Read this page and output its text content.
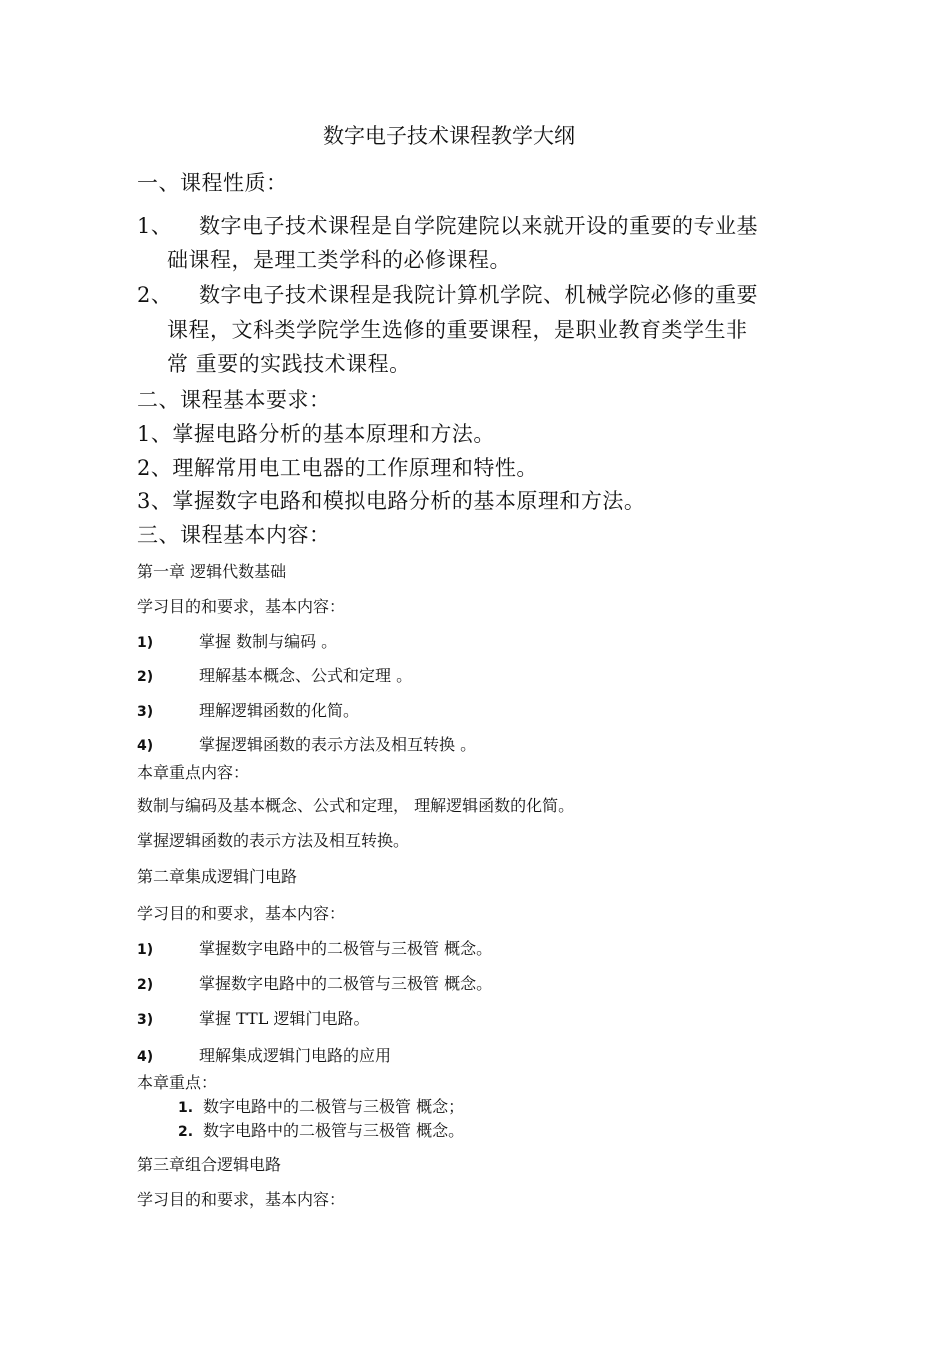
数字电子技术课程教学大纲
一、课程性质：
1、 数字电子技术课程是自学院建院以来就开设的重要的专业基
础课程，是理工类学科的必修课程。
2、 数字电子技术课程是我院计算机学院、机械学院必修的重要
课程，文科类学院学生选修的重要课程，是职业教育类学生非
常 重要的实践技术课程。
二、课程基本要求：
1、掌握电路分析的基本原理和方法。
2、理解常用电工电器的工作原理和特性。
3、掌握数字电路和模拟电路分析的基本原理和方法。
三、课程基本内容：
第一章 逻辑代数基础
学习目的和要求，基本内容：
1)	掌握 数制与编码 。
2)	理解基本概念、公式和定理 。
3)	理解逻辑函数的化简。
4)	掌握逻辑函数的表示方法及相互转换 。
本章重点内容：
数制与编码及基本概念、公式和定理， 理解逻辑函数的化简。
掌握逻辑函数的表示方法及相互转换。
第二章集成逻辑门电路
学习目的和要求，基本内容：
1)	掌握数字电路中的二极管与三极管 概念。
2)	掌握数字电路中的二极管与三极管 概念。
3)	掌握 TTL 逻辑门电路。
4)	理解集成逻辑门电路的应用
本章重点：
1. 数字电路中的二极管与三极管 概念；
2. 数字电路中的二极管与三极管 概念。
第三章组合逻辑电路
学习目的和要求，基本内容：
